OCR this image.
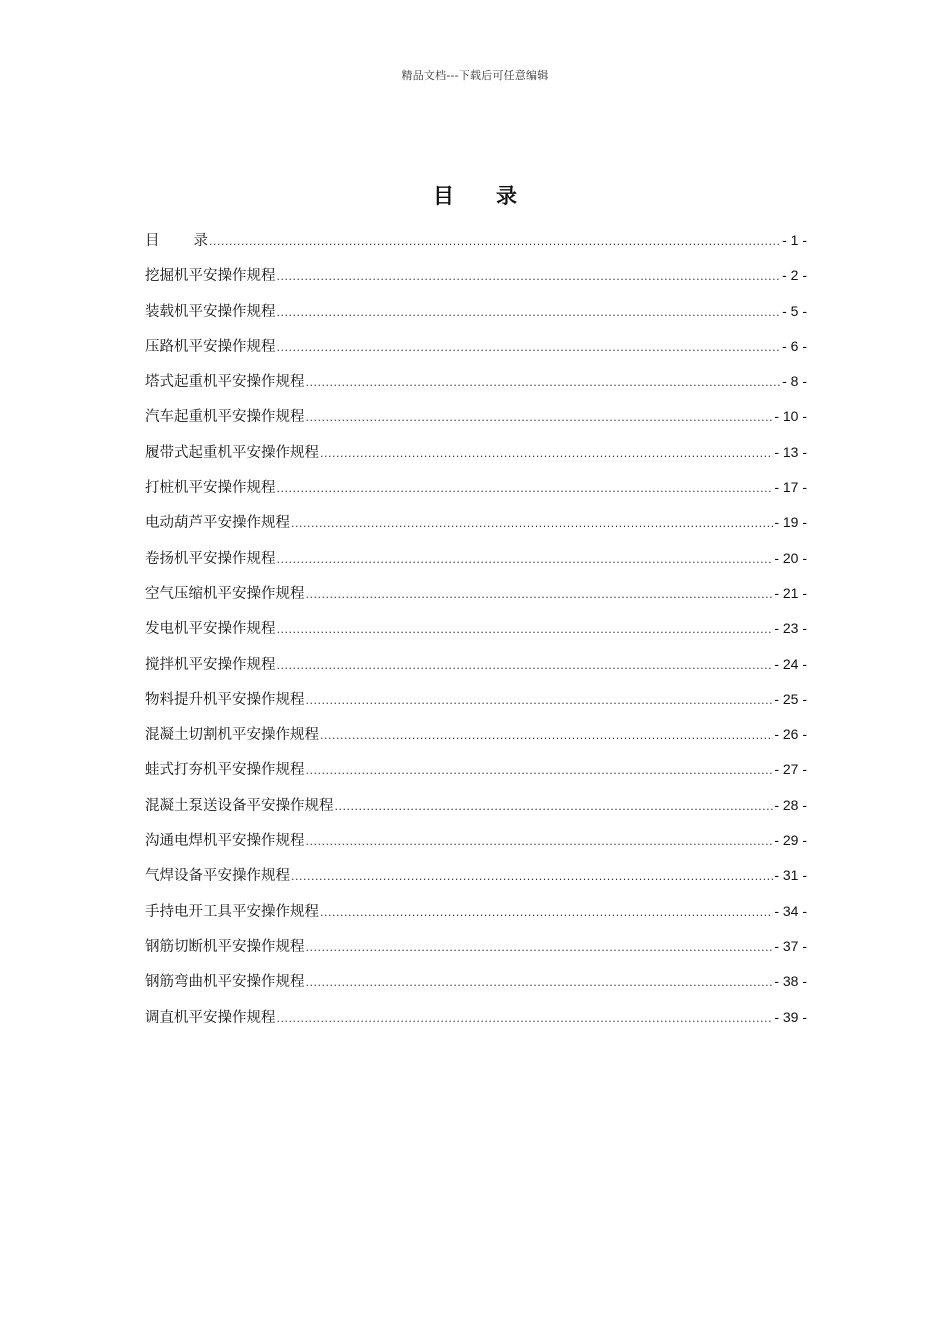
精品文档---下载后可任意编辑
目 录
目 录 .....	- 1 -
挖掘机平安操作规程 .....	- 2 -
装载机平安操作规程 .....	- 5 -
压路机平安操作规程 .....	- 6 -
塔式起重机平安操作规程 .....	- 8 -
汽车起重机平安操作规程 .....	- 10 -
履带式起重机平安操作规程 .....	- 13 -
打桩机平安操作规程 .....	- 17 -
电动葫芦平安操作规程 .....	- 19 -
卷扬机平安操作规程 .....	- 20 -
空气压缩机平安操作规程 .....	- 21 -
发电机平安操作规程 .....	- 23 -
搅拌机平安操作规程 .....	- 24 -
物料提升机平安操作规程 .....	- 25 -
混凝土切割机平安操作规程 .....	- 26 -
蛙式打夯机平安操作规程 .....	- 27 -
混凝土泵送设备平安操作规程 .....	- 28 -
沟通电焊机平安操作规程 .....	- 29 -
气焊设备平安操作规程 .....	- 31 -
手持电开工具平安操作规程 .....	- 34 -
钢筋切断机平安操作规程 .....	- 37 -
钢筋弯曲机平安操作规程 .....	- 38 -
调直机平安操作规程 .....	- 39 -
